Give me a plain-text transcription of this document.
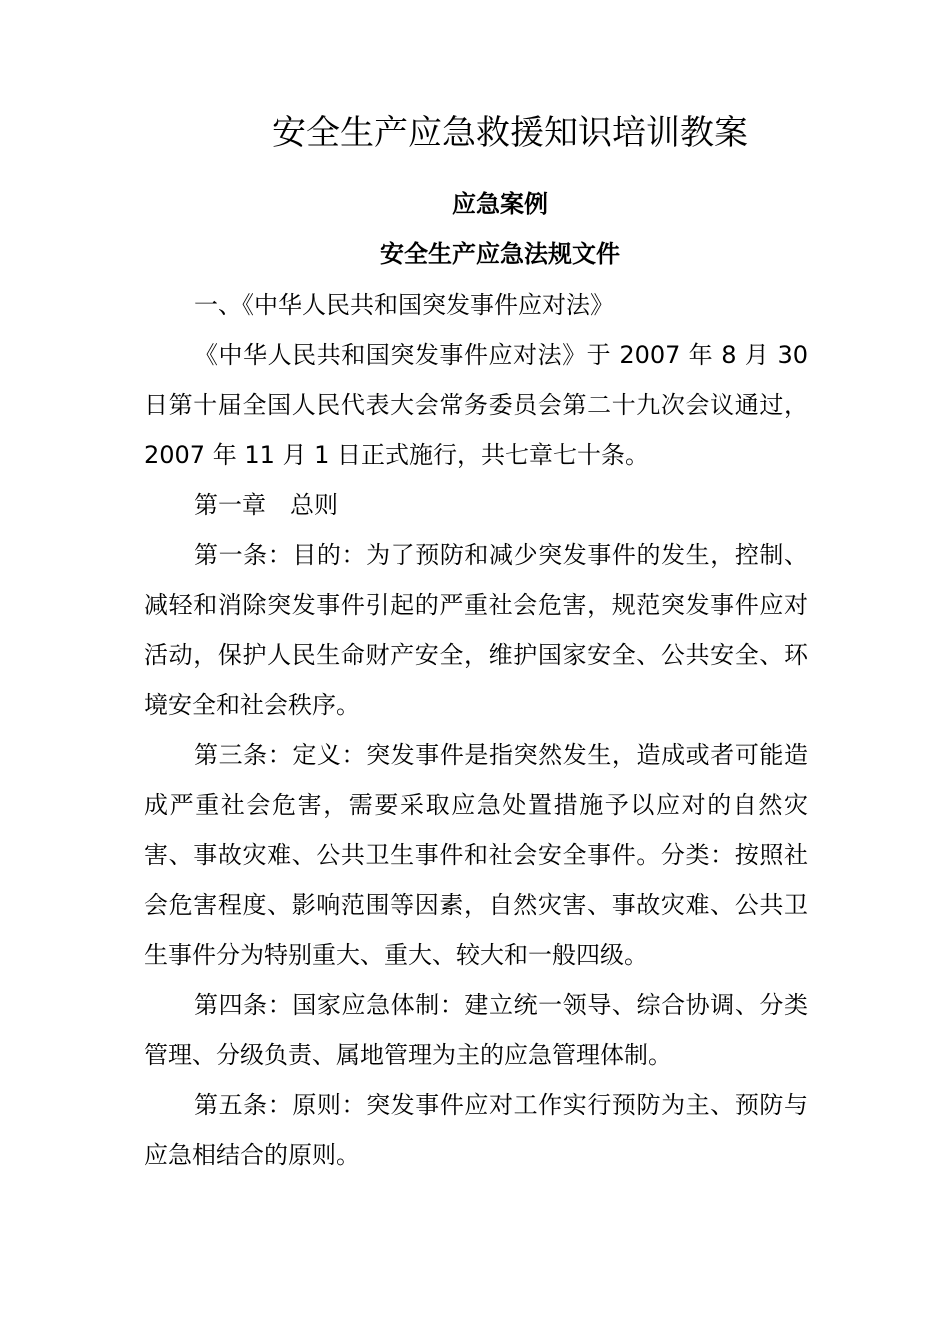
安全生产应急救援知识培训教案
应急案例
安全生产应急法规文件

一、《中华人民共和国突发事件应对法》

《中华人民共和国突发事件应对法》于 2007 年 8 月 30 日第十届全国人民代表大会常务委员会第二十九次会议通过，2007 年 11 月 1 日正式施行，共七章七十条。

第一章　总则

第一条：目的：为了预防和减少突发事件的发生，控制、减轻和消除突发事件引起的严重社会危害，规范突发事件应对活动，保护人民生命财产安全，维护国家安全、公共安全、环境安全和社会秩序。

第三条：定义：突发事件是指突然发生，造成或者可能造成严重社会危害，需要采取应急处置措施予以应对的自然灾害、事故灾难、公共卫生事件和社会安全事件。分类：按照社会危害程度、影响范围等因素，自然灾害、事故灾难、公共卫生事件分为特别重大、重大、较大和一般四级。

第四条：国家应急体制：建立统一领导、综合协调、分类管理、分级负责、属地管理为主的应急管理体制。

第五条：原则：突发事件应对工作实行预防为主、预防与应急相结合的原则。
